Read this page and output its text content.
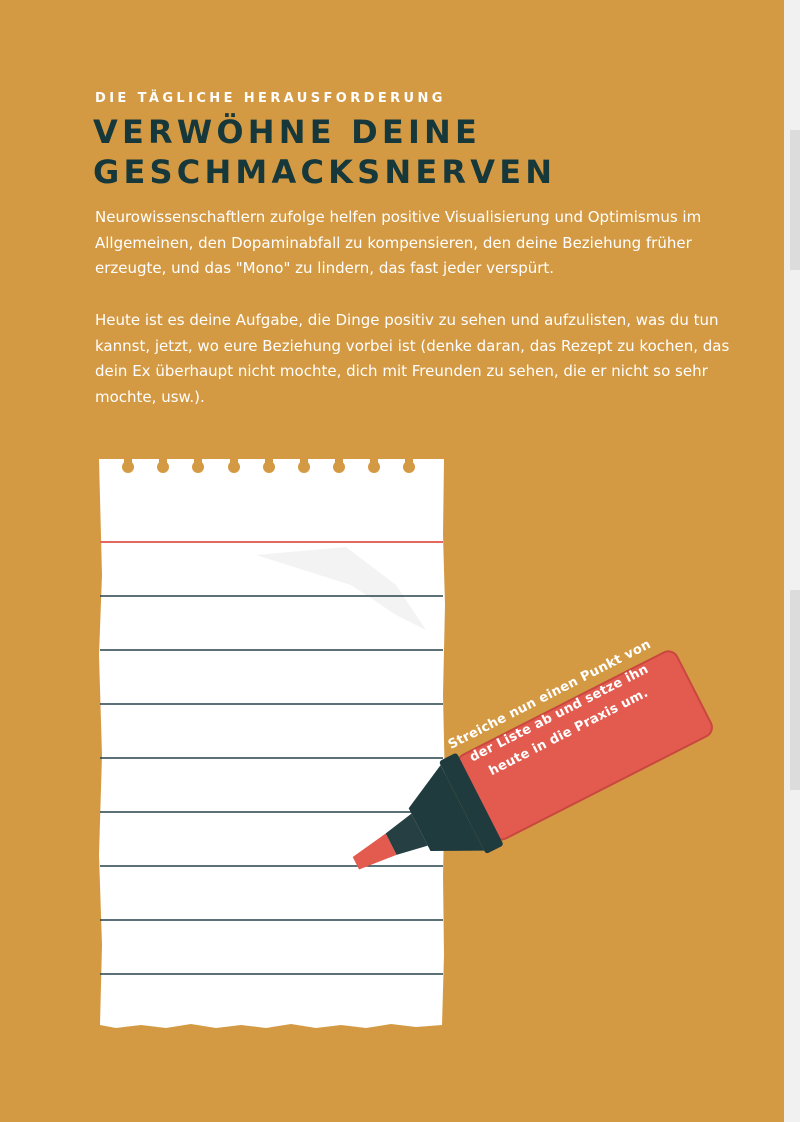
DIE TÄGLICHE HERAUSFORDERUNG
VERWÖHNE DEINE GESCHMACKSNERVEN
Neurowissenschaftlern zufolge helfen positive Visualisierung und Optimismus im Allgemeinen, den Dopaminabfall zu kompensieren, den deine Beziehung früher erzeugte, und das "Mono" zu lindern, das fast jeder verspürt.
Heute ist es deine Aufgabe, die Dinge positiv zu sehen und aufzulisten, was du tun kannst, jetzt, wo eure Beziehung vorbei ist (denke daran, das Rezept zu kochen, das dein Ex überhaupt nicht mochte, dich mit Freunden zu sehen, die er nicht so sehr mochte, usw.).
Streiche nun einen Punkt von der Liste ab und setze ihn heute in die Praxis um.
